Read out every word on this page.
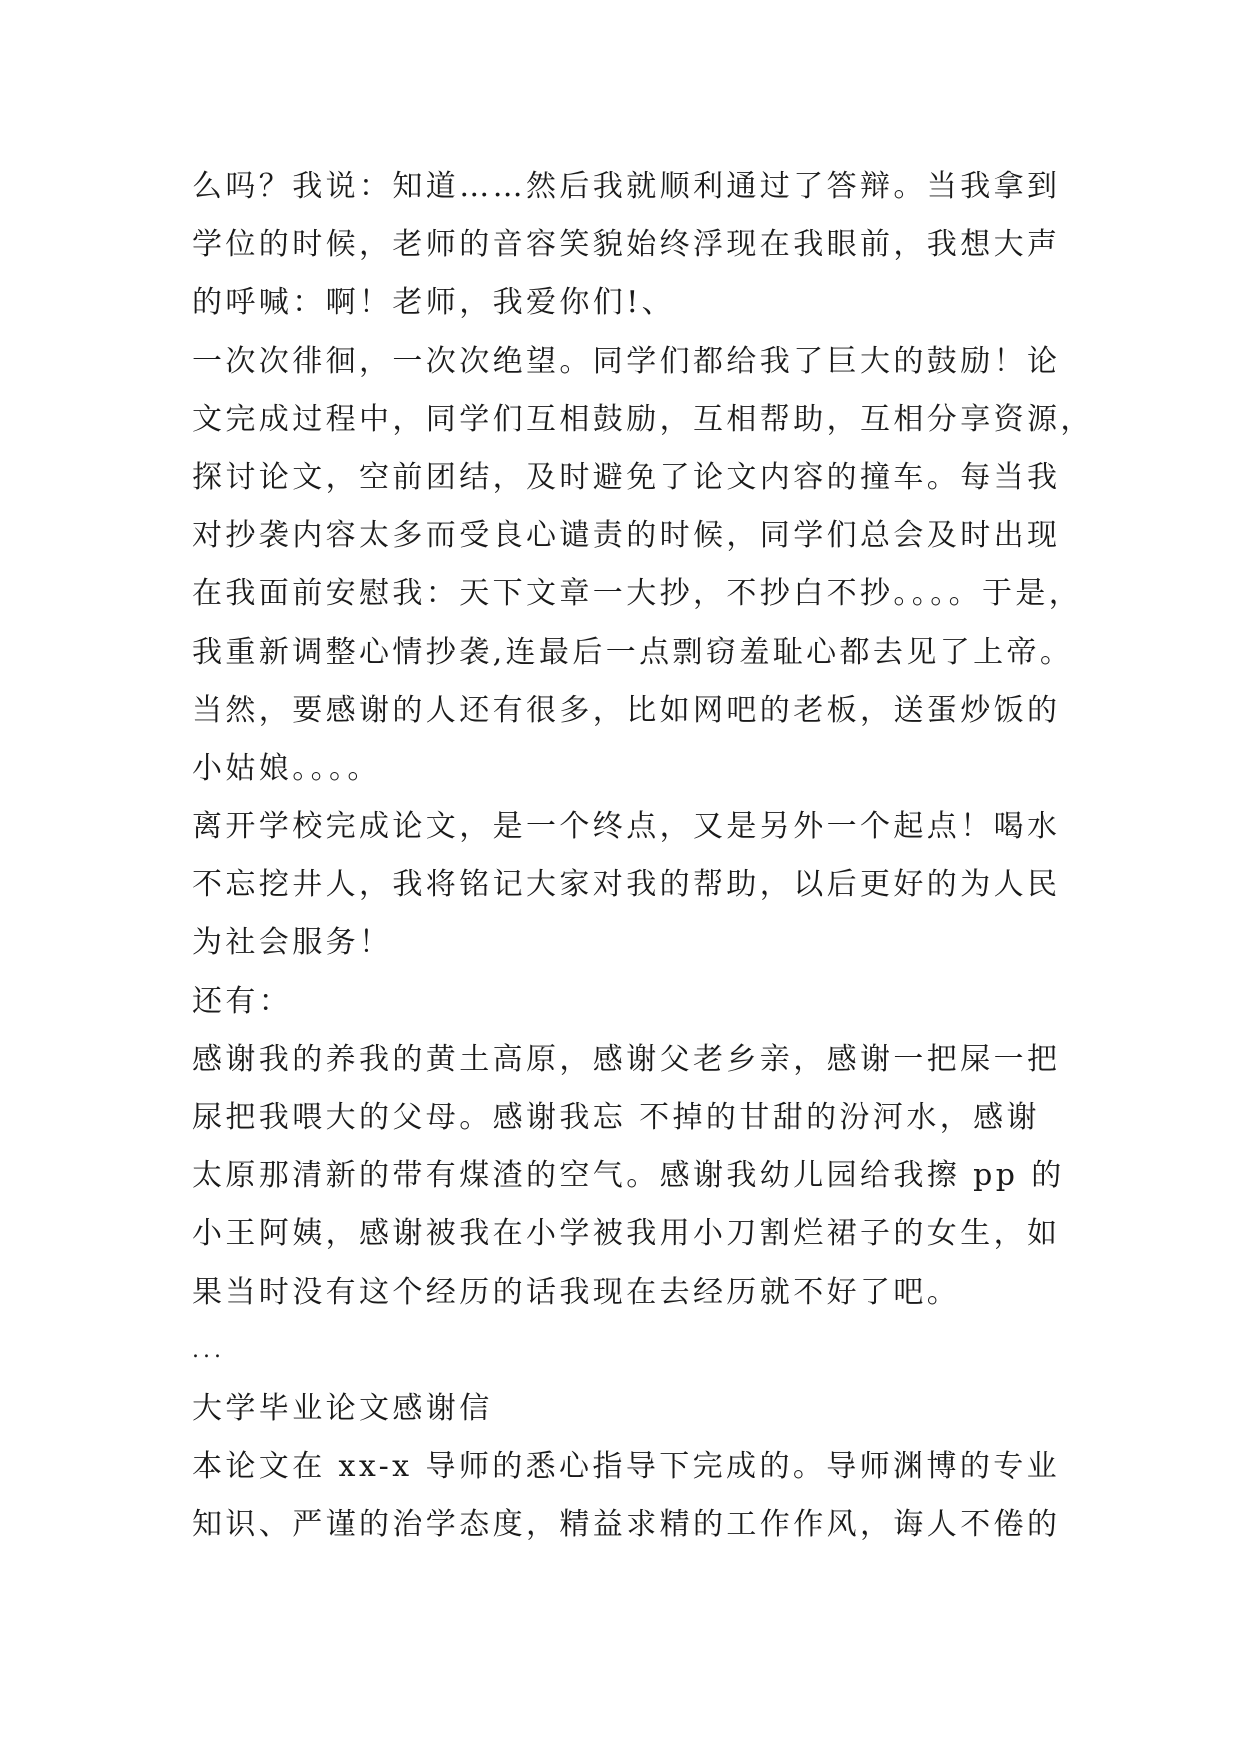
么吗？我说：知道……然后我就顺利通过了答辩。当我拿到
学位的时候，老师的音容笑貌始终浮现在我眼前，我想大声
的呼喊：啊！老师，我爱你们!、
一次次徘徊，一次次绝望。同学们都给我了巨大的鼓励！论
文完成过程中，同学们互相鼓励，互相帮助，互相分享资源，
探讨论文，空前团结，及时避免了论文内容的撞车。每当我
对抄袭内容太多而受良心谴责的时候，同学们总会及时出现
在我面前安慰我：天下文章一大抄，不抄白不抄。。。。于是，
我重新调整心情抄袭,连最后一点剽窃羞耻心都去见了上帝。
当然，要感谢的人还有很多，比如网吧的老板，送蛋炒饭的
小姑娘。。。。
离开学校完成论文，是一个终点，又是另外一个起点！喝水
不忘挖井人，我将铭记大家对我的帮助，以后更好的为人民
为社会服务！
还有：
感谢我的养我的黄土高原，感谢父老乡亲，感谢一把屎一把
尿把我喂大的父母。感谢我忘 不掉的甘甜的汾河水，感谢
太原那清新的带有煤渣的空气。感谢我幼儿园给我擦 pp 的
小王阿姨，感谢被我在小学被我用小刀割烂裙子的女生，如
果当时没有这个经历的话我现在去经历就不好了吧。
...
大学毕业论文感谢信
本论文在 xx-x 导师的悉心指导下完成的。导师渊博的专业
知识、严谨的治学态度，精益求精的工作作风，诲人不倦的
